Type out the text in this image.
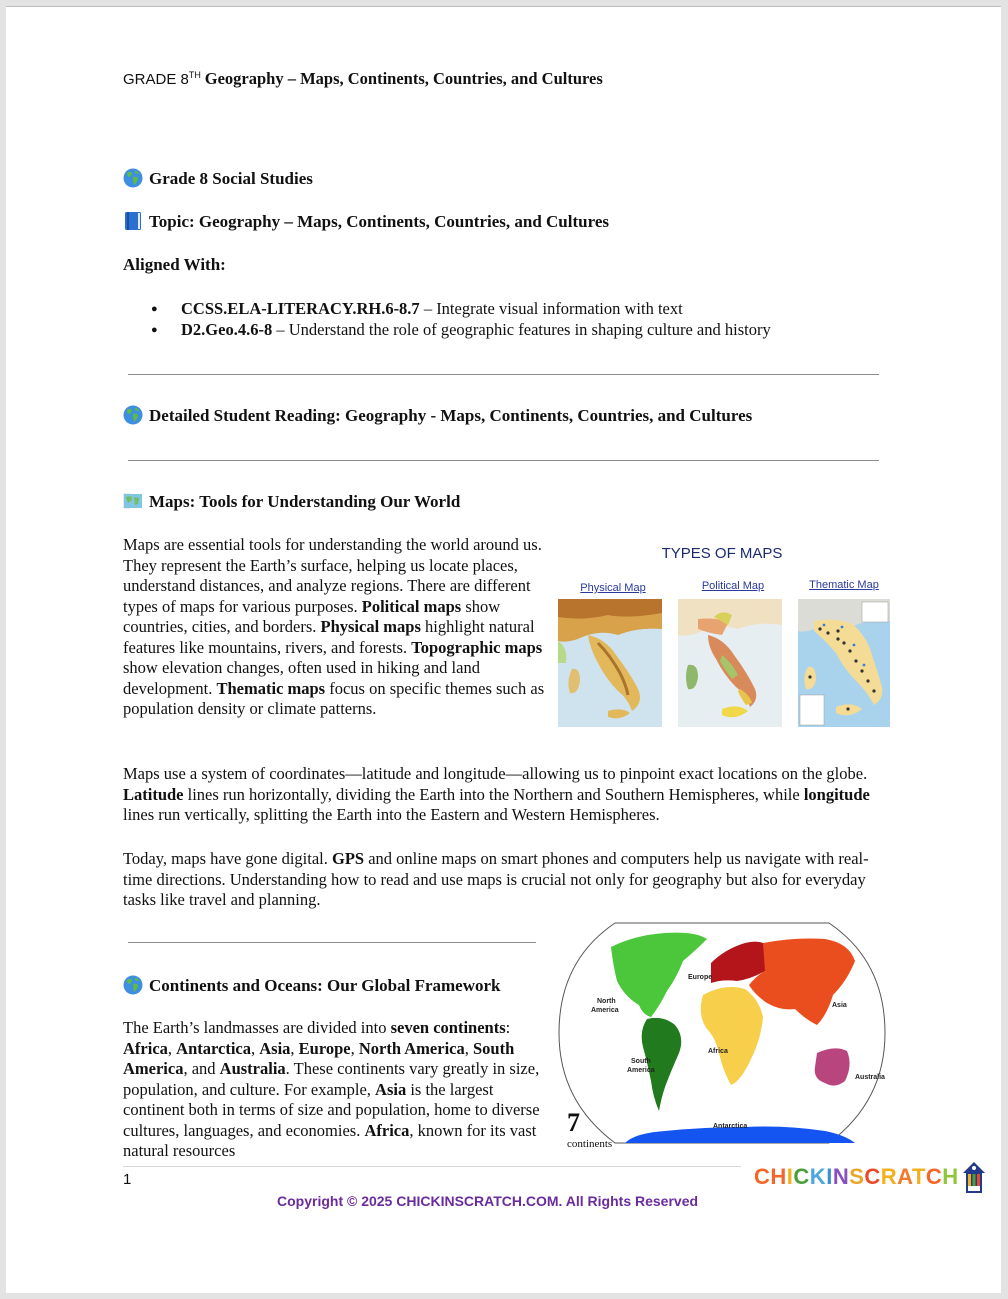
GRADE 8TH Geography – Maps, Continents, Countries, and Cultures
Grade 8 Social Studies
Topic: Geography – Maps, Continents, Countries, and Cultures
Aligned With:
● CCSS.ELA-LITERACY.RH.6-8.7 – Integrate visual information with text
● D2.Geo.4.6-8 – Understand the role of geographic features in shaping culture and history
Detailed Student Reading: Geography - Maps, Continents, Countries, and Cultures
Maps: Tools for Understanding Our World
Maps are essential tools for understanding the world around us. They represent the Earth’s surface, helping us locate places, understand distances, and analyze regions. There are different types of maps for various purposes. Political maps show countries, cities, and borders. Physical maps highlight natural features like mountains, rivers, and forests. Topographic maps show elevation changes, often used in hiking and land development. Thematic maps focus on specific themes such as population density or climate patterns.
TYPES OF MAPS
Physical Map	Political Map	Thematic Map
Maps use a system of coordinates—latitude and longitude—allowing us to pinpoint exact locations on the globe. Latitude lines run horizontally, dividing the Earth into the Northern and Southern Hemispheres, while longitude lines run vertically, splitting the Earth into the Eastern and Western Hemispheres.
Today, maps have gone digital. GPS and online maps on smart phones and computers help us navigate with real-time directions. Understanding how to read and use maps is crucial not only for geography but also for everyday tasks like travel and planning.
Continents and Oceans: Our Global Framework
The Earth’s landmasses are divided into seven continents: Africa, Antarctica, Asia, Europe, North America, South America, and Australia. These continents vary greatly in size, population, and culture. For example, Asia is the largest continent both in terms of size and population, home to diverse cultures, languages, and economies. Africa, known for its vast natural resources
North America
South America
Europe
Asia
Africa
Australia
Antarctica
7
continents
1
Copyright © 2025 CHICKINSCRATCH.COM. All Rights Reserved
CHICKINSCRATCH
